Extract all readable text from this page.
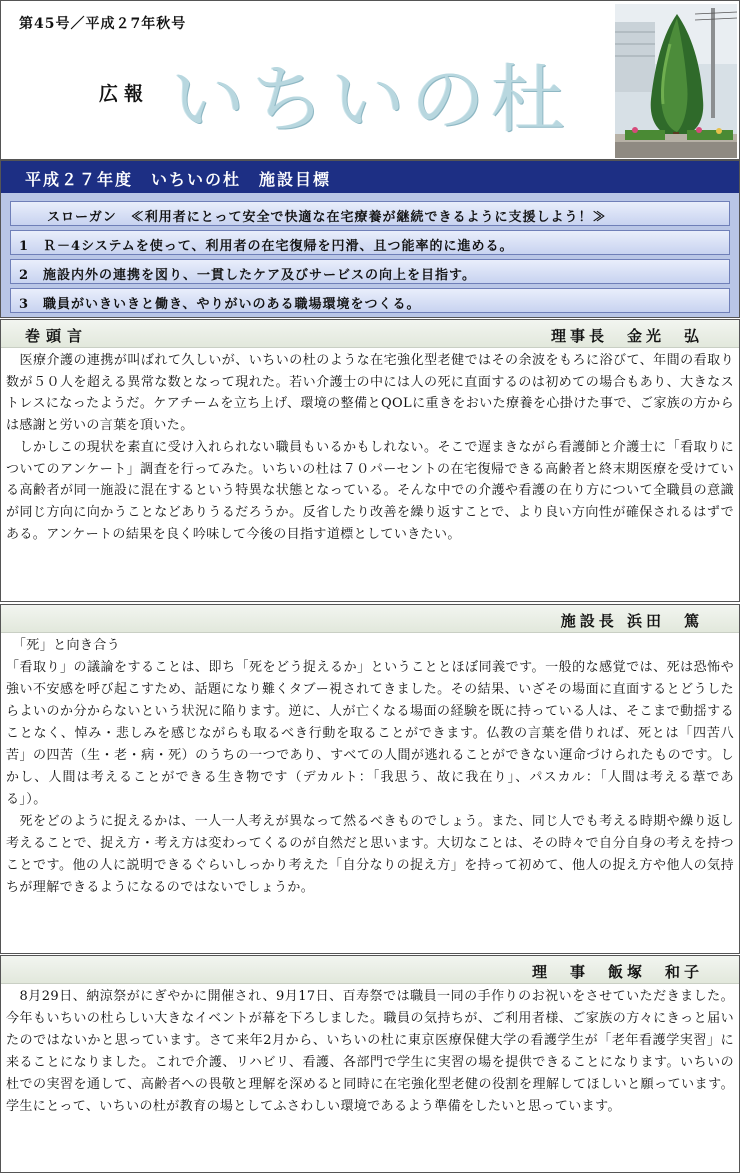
第45号／平成２7年秋号
広報 いちいの杜
平成２７年度　いちいの杜　施設目標
スローガン　≪利用者にとって安全で快適な在宅療養が継続できるように支援しよう！≫
1　Ｒ－4システムを使って、利用者の在宅復帰を円滑、且つ能率的に進める。
2　施設内外の連携を図り、一貫したケア及びサービスの向上を目指す。
3　職員がいきいきと働き、やりがいのある職場環境をつくる。
巻頭言	理事長　金光　弘

　医療介護の連携が叫ばれて久しいが、いちいの杜のような在宅強化型老健ではその余波をもろに浴びて、年間の看取り数が５０人を超える異常な数となって現れた。若い介護士の中には人の死に直面するのは初めての場合もあり、大きなストレスになったようだ。ケアチームを立ち上げ、環境の整備とQOLに重きをおいた療養を心掛けた事で、ご家族の方からは感謝と労いの言葉を頂いた。

　しかしこの現状を素直に受け入れられない職員もいるかもしれない。そこで遅まきながら看護師と介護士に「看取りについてのアンケート」調査を行ってみた。いちいの杜は７０パーセントの在宅復帰できる高齢者と終末期医療を受けている高齢者が同一施設に混在するという特異な状態となっている。そんな中での介護や看護の在り方について全職員の意識が同じ方向に向かうことなどありうるだろうか。反省したり改善を繰り返すことで、より良い方向性が確保されるはずである。アンケートの結果を良く吟味して今後の目指す道標としていきたい。

施設長 浜田　篤

　「死」と向き合う

「看取り」の議論をすることは、即ち「死をどう捉えるか」ということとほぼ同義です。一般的な感覚では、死は恐怖や強い不安感を呼び起こすため、話題になり難くタブー視されてきました。その結果、いざその場面に直面するとどうしたらよいのか分からないという状況に陥ります。逆に、人が亡くなる場面の経験を既に持っている人は、そこまで動揺することなく、悼み・悲しみを感じながらも取るべき行動を取ることができます。仏教の言葉を借りれば、死とは「四苦八苦」の四苦（生・老・病・死）のうちの一つであり、すべての人間が逃れることができない運命づけられたものです。しかし、人間は考えることができる生き物です（デカルト：「我思う、故に我在り」、パスカル：「人間は考える葦である」）。

　死をどのように捉えるかは、一人一人考えが異なって然るべきものでしょう。また、同じ人でも考える時期や繰り返し考えることで、捉え方・考え方は変わってくるのが自然だと思います。大切なことは、その時々で自分自身の考えを持つことです。他の人に説明できるぐらいしっかり考えた「自分なりの捉え方」を持って初めて、他人の捉え方や他人の気持ちが理解できるようになるのではないでしょうか。

理　事　飯塚　和子

　8月29日、納涼祭がにぎやかに開催され、9月17日、百寿祭では職員一同の手作りのお祝いをさせていただきました。今年もいちいの杜らしい大きなイベントが幕を下ろしました。職員の気持ちが、ご利用者様、ご家族の方々にきっと届いたのではないかと思っています。さて来年2月から、いちいの杜に東京医療保健大学の看護学生が「老年看護学実習」に来ることになりました。これで介護、リハビリ、看護、各部門で学生に実習の場を提供できることになります。いちいの杜での実習を通して、高齢者への畏敬と理解を深めると同時に在宅強化型老健の役割を理解してほしいと願っています。学生にとって、いちいの杜が教育の場としてふさわしい環境であるよう準備をしたいと思っています。
